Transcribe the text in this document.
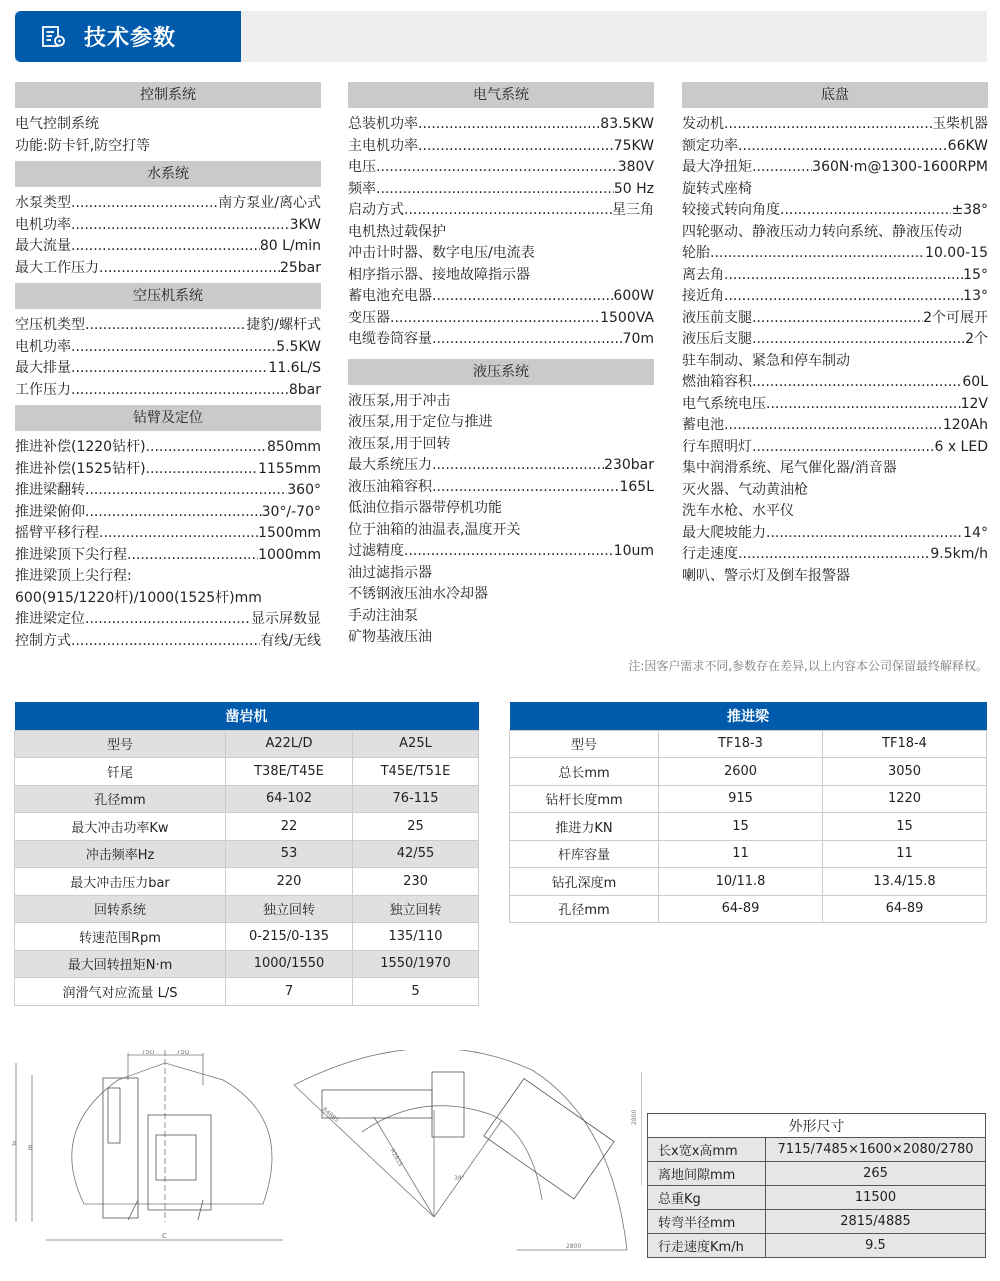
技术参数
控制系统
电气控制系统
功能:防卡钎,防空打等
水系统
水泵类型 .....	南方泵业/离心式
电机功率 .....	3KW
最大流量 .....	80 L/min
最大工作压力 .....	25bar
空压机系统
空压机类型 .....	捷豹/螺杆式
电机功率 .....	5.5KW
最大排量 .....	11.6L/S
工作压力 .....	8bar
钻臂及定位
推进补偿(1220钻杆) .....	850mm
推进补偿(1525钻杆) .....	1155mm
推进梁翻转 .....	360°
推进梁俯仰 .....	30°/-70°
摇臂平移行程 .....	1500mm
推进梁顶下尖行程 .....	1000mm
推进梁顶上尖行程:
600(915/1220杆)/1000(1525杆)mm
推进梁定位 .....	显示屏数显
控制方式 .....	有线/无线
电气系统
总装机功率 .....	83.5KW
主电机功率 .....	75KW
电压 .....	380V
频率 .....	50 Hz
启动方式 .....	星三角
电机热过载保护
冲击计时器、数字电压/电流表
相序指示器、接地故障指示器
蓄电池充电器 .....	600W
变压器 .....	1500VA
电缆卷筒容量 .....	70m
液压系统
液压泵,用于冲击
液压泵,用于定位与推进
液压泵,用于回转
最大系统压力 .....	230bar
液压油箱容积 .....	165L
低油位指示器带停机功能
位于油箱的油温表,温度开关
过滤精度 .....	10um
油过滤指示器
不锈钢液压油水冷却器
手动注油泵
矿物基液压油
底盘
发动机 .....	玉柴机器
额定功率 .....	66KW
最大净扭矩 .....	360N·m@1300-1600RPM
旋转式座椅
较接式转向角度 .....	±38°
四轮驱动、静液压动力转向系统、静液压传动
轮胎 .....	10.00-15
离去角 .....	15°
接近角 .....	13°
液压前支腿 .....	2个可展开
液压后支腿 .....	2个
驻车制动、紧急和停车制动
燃油箱容积 .....	60L
电气系统电压 .....	12V
蓄电池 .....	120Ah
行车照明灯 .....	6 x LED
集中润滑系统、尾气催化器/消音器
灭火器、气动黄油枪
洗车水枪、水平仪
最大爬坡能力 .....	14°
行走速度 .....	9.5km/h
喇叭、警示灯及倒车报警器
注:因客户需求不同,参数存在差异,以上内容本公司保留最终解释权。
凿岩机		
型号	A22L/D	A25L
钎尾	T38E/T45E	T45E/T51E
孔径mm	64-102	76-115
最大冲击功率Kw	22	25
冲击频率Hz	53	42/55
最大冲击压力bar	220	230
回转系统	独立回转	独立回转
转速范围Rpm	0-215/0-135	135/110
最大回转扭矩N·m	1000/1550	1550/1970
润滑气对应流量 L/S	7	5
推进梁		
型号	TF18-3	TF18-4
总长mm	2600	3050
钻杆长度mm	915	1220
推进力KN	15	15
杆库容量	11	11
钻孔深度m	10/11.8	13.4/15.8
孔径mm	64-89	64-89
750	750
A B
C
R4885
R2815
38°
2800
2800
外形尺寸	
长x宽x高mm	7115/7485×1600×2080/2780
离地间隙mm	265
总重Kg	11500
转弯半径mm	2815/4885
行走速度Km/h	9.5
